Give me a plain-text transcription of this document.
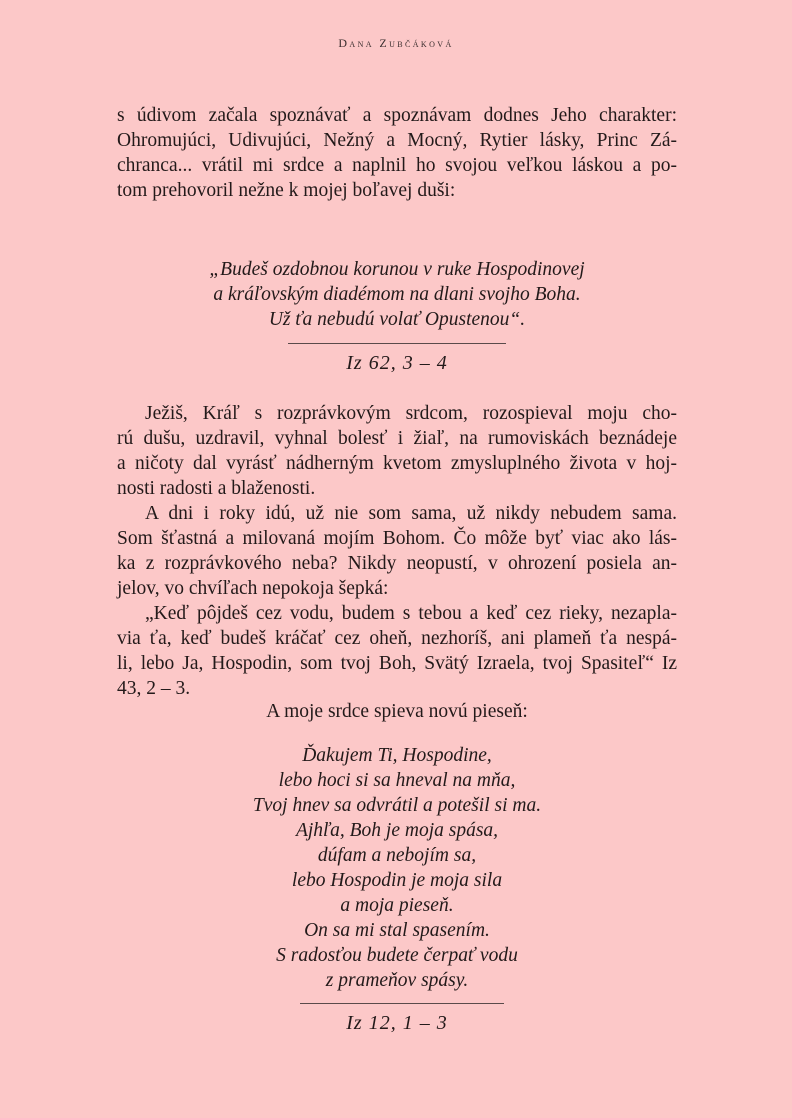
Dana Zubčáková

s údivom začala spoznávať a spoznávam dodnes Jeho charakter:

Ohromujúci, Udivujúci, Nežný a Mocný, Rytier lásky, Princ Zá-

chranca... vrátil mi srdce a naplnil ho svojou veľkou láskou a po-

tom prehovoril nežne k mojej boľavej duši:

„Budeš ozdobnou korunou v ruke Hospodinovej
a kráľovským diadémom na dlani svojho Boha.
Už ťa nebudú volať Opustenou“.
Iz 62, 3 – 4

Ježiš, Kráľ s rozprávkovým srdcom, rozospieval moju cho-

rú dušu, uzdravil, vyhnal bolesť i žiaľ, na rumoviskách beznádeje

a ničoty dal vyrásť nádherným kvetom zmysluplného života v hoj-

nosti radosti a blaženosti.

A dni i roky idú, už nie som sama, už nikdy nebudem sama.

Som šťastná a milovaná mojím Bohom. Čo môže byť viac ako lás-

ka z rozprávkového neba? Nikdy neopustí, v ohrození posiela an-

jelov, vo chvíľach nepokoja šepká:

„Keď pôjdeš cez vodu, budem s tebou a keď cez rieky, nezapla-

via ťa, keď budeš kráčať cez oheň, nezhoríš, ani plameň ťa nespá-

li, lebo Ja, Hospodin, som tvoj Boh, Svätý Izraela, tvoj Spasiteľ“ Iz

43, 2 – 3.

A moje srdce spieva novú pieseň:

Ďakujem Ti, Hospodine,
lebo hoci si sa hneval na mňa,
Tvoj hnev sa odvrátil a potešil si ma.
Ajhľa, Boh je moja spása,
dúfam a nebojím sa,
lebo Hospodin je moja sila
a moja pieseň.
On sa mi stal spasením.
S radosťou budete čerpať vodu
z prameňov spásy.
Iz 12, 1 – 3
